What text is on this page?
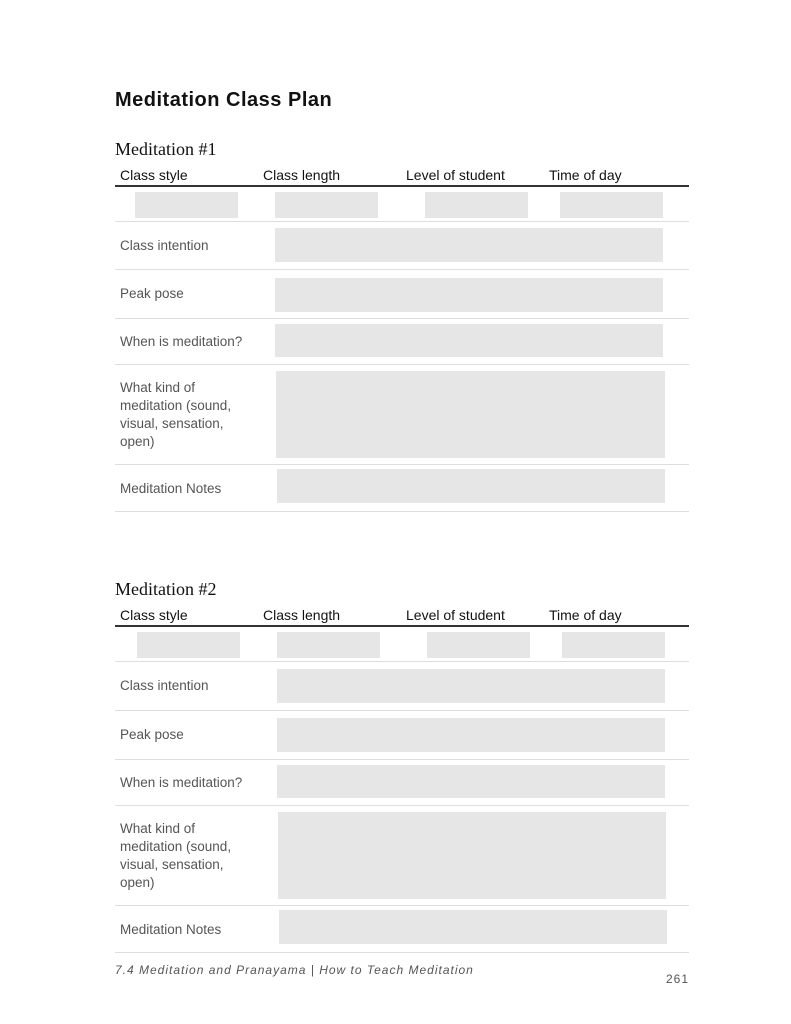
Meditation Class Plan
Meditation #1
Class style	Class length	Level of student	Time of day
Class intention
Peak pose
When is meditation?
What kind of meditation (sound, visual, sensation, open)
Meditation Notes
Meditation #2
Class style	Class length	Level of student	Time of day
Class intention
Peak pose
When is meditation?
What kind of meditation (sound, visual, sensation, open)
Meditation Notes
7.4 Meditation and Pranayama | How to Teach Meditation
261
